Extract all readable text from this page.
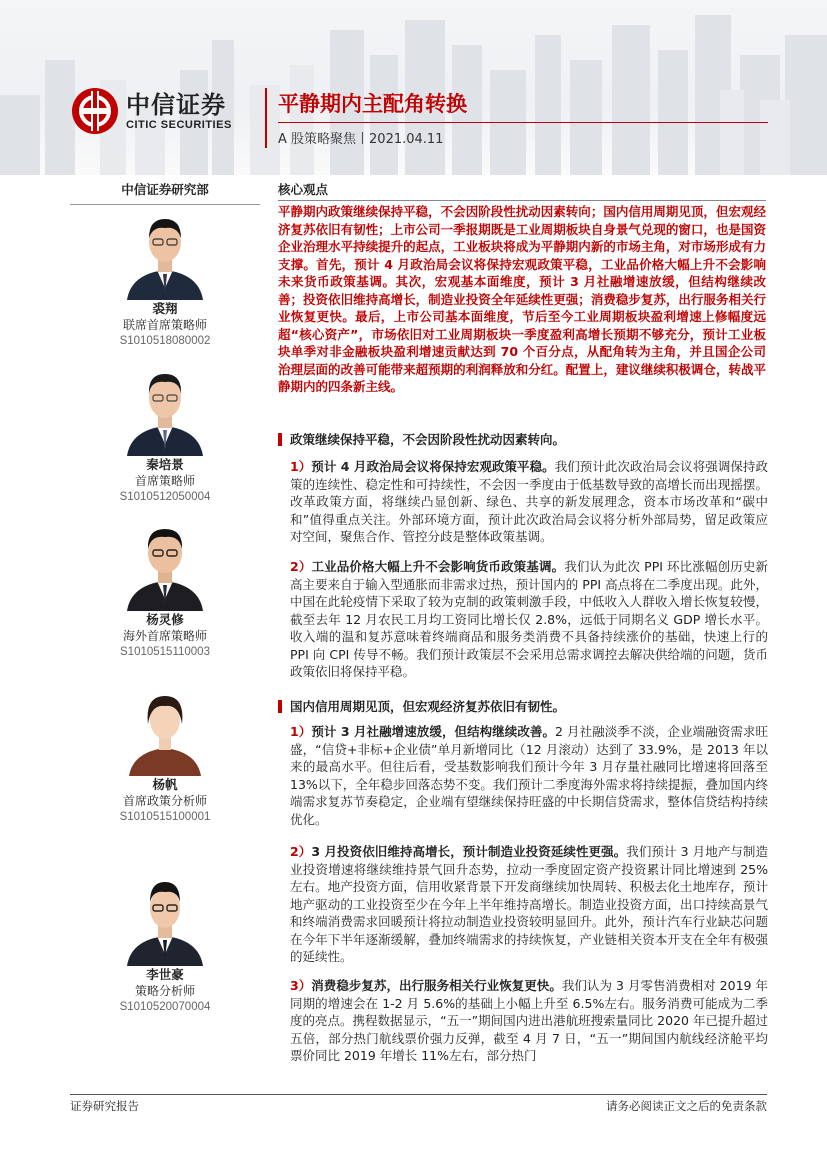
中信证券
CITIC SECURITIES
平静期内主配角转换
A 股策略聚焦丨2021.04.11
中信证券研究部
裘翔
联席首席策略师
S1010518080002
秦培景
首席策略师
S1010512050004
杨灵修
海外首席策略师
S1010515110003
杨帆
首席政策分析师
S1010515100001
李世豪
策略分析师
S1010520070004
核心观点
平静期内政策继续保持平稳，不会因阶段性扰动因素转向；国内信用周期见顶，但宏观经济复苏依旧有韧性；上市公司一季报期既是工业周期板块自身景气兑现的窗口，也是国资企业治理水平持续提升的起点，工业板块将成为平静期内新的市场主角，对市场形成有力支撑。首先，预计 4 月政治局会议将保持宏观政策平稳，工业品价格大幅上升不会影响未来货币政策基调。其次，宏观基本面维度，预计 3 月社融增速放缓，但结构继续改善；投资依旧维持高增长，制造业投资全年延续性更强；消费稳步复苏，出行服务相关行业恢复更快。最后，上市公司基本面维度，节后至今工业周期板块盈利增速上修幅度远超“核心资产”，市场依旧对工业周期板块一季度盈利高增长预期不够充分，预计工业板块单季对非金融板块盈利增速贡献达到 70 个百分点，从配角转为主角，并且国企公司治理层面的改善可能带来超预期的利润释放和分红。配置上，建议继续积极调仓，转战平静期内的四条新主线。
政策继续保持平稳，不会因阶段性扰动因素转向。
1）预计 4 月政治局会议将保持宏观政策平稳。我们预计此次政治局会议将强调保持政策的连续性、稳定性和可持续性，不会因一季度由于低基数导致的高增长而出现摇摆。改革政策方面，将继续凸显创新、绿色、共享的新发展理念，资本市场改革和“碳中和”值得重点关注。外部环境方面，预计此次政治局会议将分析外部局势，留足政策应对空间，聚焦合作、管控分歧是整体政策基调。
2）工业品价格大幅上升不会影响货币政策基调。我们认为此次 PPI 环比涨幅创历史新高主要来自于输入型通胀而非需求过热，预计国内的 PPI 高点将在二季度出现。此外，中国在此轮疫情下采取了较为克制的政策刺激手段，中低收入人群收入增长恢复较慢，截至去年 12 月农民工月均工资同比增长仅 2.8%，远低于同期名义 GDP 增长水平。收入端的温和复苏意味着终端商品和服务类消费不具备持续涨价的基础，快速上行的 PPI 向 CPI 传导不畅。我们预计政策层不会采用总需求调控去解决供给端的问题，货币政策依旧将保持平稳。
国内信用周期见顶，但宏观经济复苏依旧有韧性。
1）预计 3 月社融增速放缓，但结构继续改善。2 月社融淡季不淡，企业端融资需求旺盛，“信贷+非标+企业债”单月新增同比（12 月滚动）达到了 33.9%，是 2013 年以来的最高水平。但往后看，受基数影响我们预计今年 3 月存量社融同比增速将回落至 13%以下，全年稳步回落态势不变。我们预计二季度海外需求将持续提振，叠加国内终端需求复苏节奏稳定，企业端有望继续保持旺盛的中长期信贷需求，整体信贷结构持续优化。
2）3 月投资依旧维持高增长，预计制造业投资延续性更强。我们预计 3 月地产与制造业投资增速将继续维持景气回升态势，拉动一季度固定资产投资累计同比增速到 25%左右。地产投资方面，信用收紧背景下开发商继续加快周转、积极去化土地库存，预计地产驱动的工业投资至少在今年上半年维持高增长。制造业投资方面，出口持续高景气和终端消费需求回暖预计将拉动制造业投资较明显回升。此外，预计汽车行业缺芯问题在今年下半年逐渐缓解，叠加终端需求的持续恢复，产业链相关资本开支在全年有极强的延续性。
3）消费稳步复苏，出行服务相关行业恢复更快。我们认为 3 月零售消费相对 2019 年同期的增速会在 1-2 月 5.6%的基础上小幅上升至 6.5%左右。服务消费可能成为二季度的亮点。携程数据显示，“五一”期间国内进出港航班搜索量同比 2020 年已提升超过五倍，部分热门航线票价强力反弹，截至 4 月 7 日，“五一”期间国内航线经济舱平均票价同比 2019 年增长 11%左右，部分热门
证券研究报告	请务必阅读正文之后的免责条款
